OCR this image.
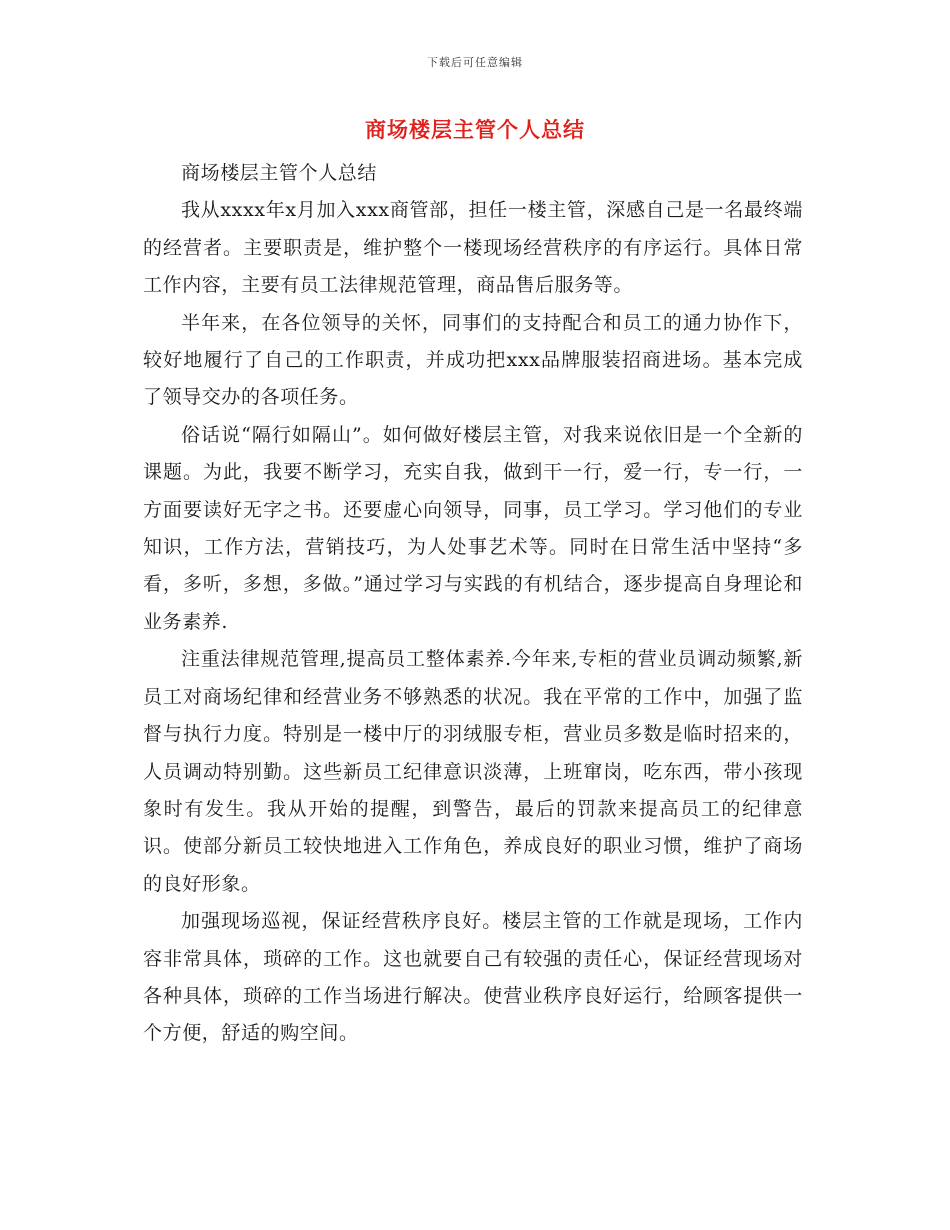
下载后可任意编辑
商场楼层主管个人总结

商场楼层主管个人总结

我从xxxx年x月加入xxx商管部，担任一楼主管，深感自己是一名最终端的经营者。主要职责是，维护整个一楼现场经营秩序的有序运行。具体日常工作内容，主要有员工法律规范管理，商品售后服务等。

半年来，在各位领导的关怀，同事们的支持配合和员工的通力协作下，较好地履行了自己的工作职责，并成功把xxx品牌服装招商进场。基本完成了领导交办的各项任务。

俗话说“隔行如隔山”。如何做好楼层主管，对我来说依旧是一个全新的课题。为此，我要不断学习，充实自我，做到干一行，爱一行，专一行，一方面要读好无字之书。还要虚心向领导，同事，员工学习。学习他们的专业知识，工作方法，营销技巧，为人处事艺术等。同时在日常生活中坚持“多看，多听，多想，多做。”通过学习与实践的有机结合，逐步提高自身理论和业务素养.

注重法律规范管理,提高员工整体素养.今年来,专柜的营业员调动频繁,新员工对商场纪律和经营业务不够熟悉的状况。我在平常的工作中，加强了监督与执行力度。特别是一楼中厅的羽绒服专柜，营业员多数是临时招来的，人员调动特别勤。这些新员工纪律意识淡薄，上班窜岗，吃东西，带小孩现象时有发生。我从开始的提醒，到警告，最后的罚款来提高员工的纪律意识。使部分新员工较快地进入工作角色，养成良好的职业习惯，维护了商场的良好形象。

加强现场巡视，保证经营秩序良好。楼层主管的工作就是现场，工作内容非常具体，琐碎的工作。这也就要自己有较强的责任心，保证经营现场对各种具体，琐碎的工作当场进行解决。使营业秩序良好运行，给顾客提供一个方便，舒适的购空间。
